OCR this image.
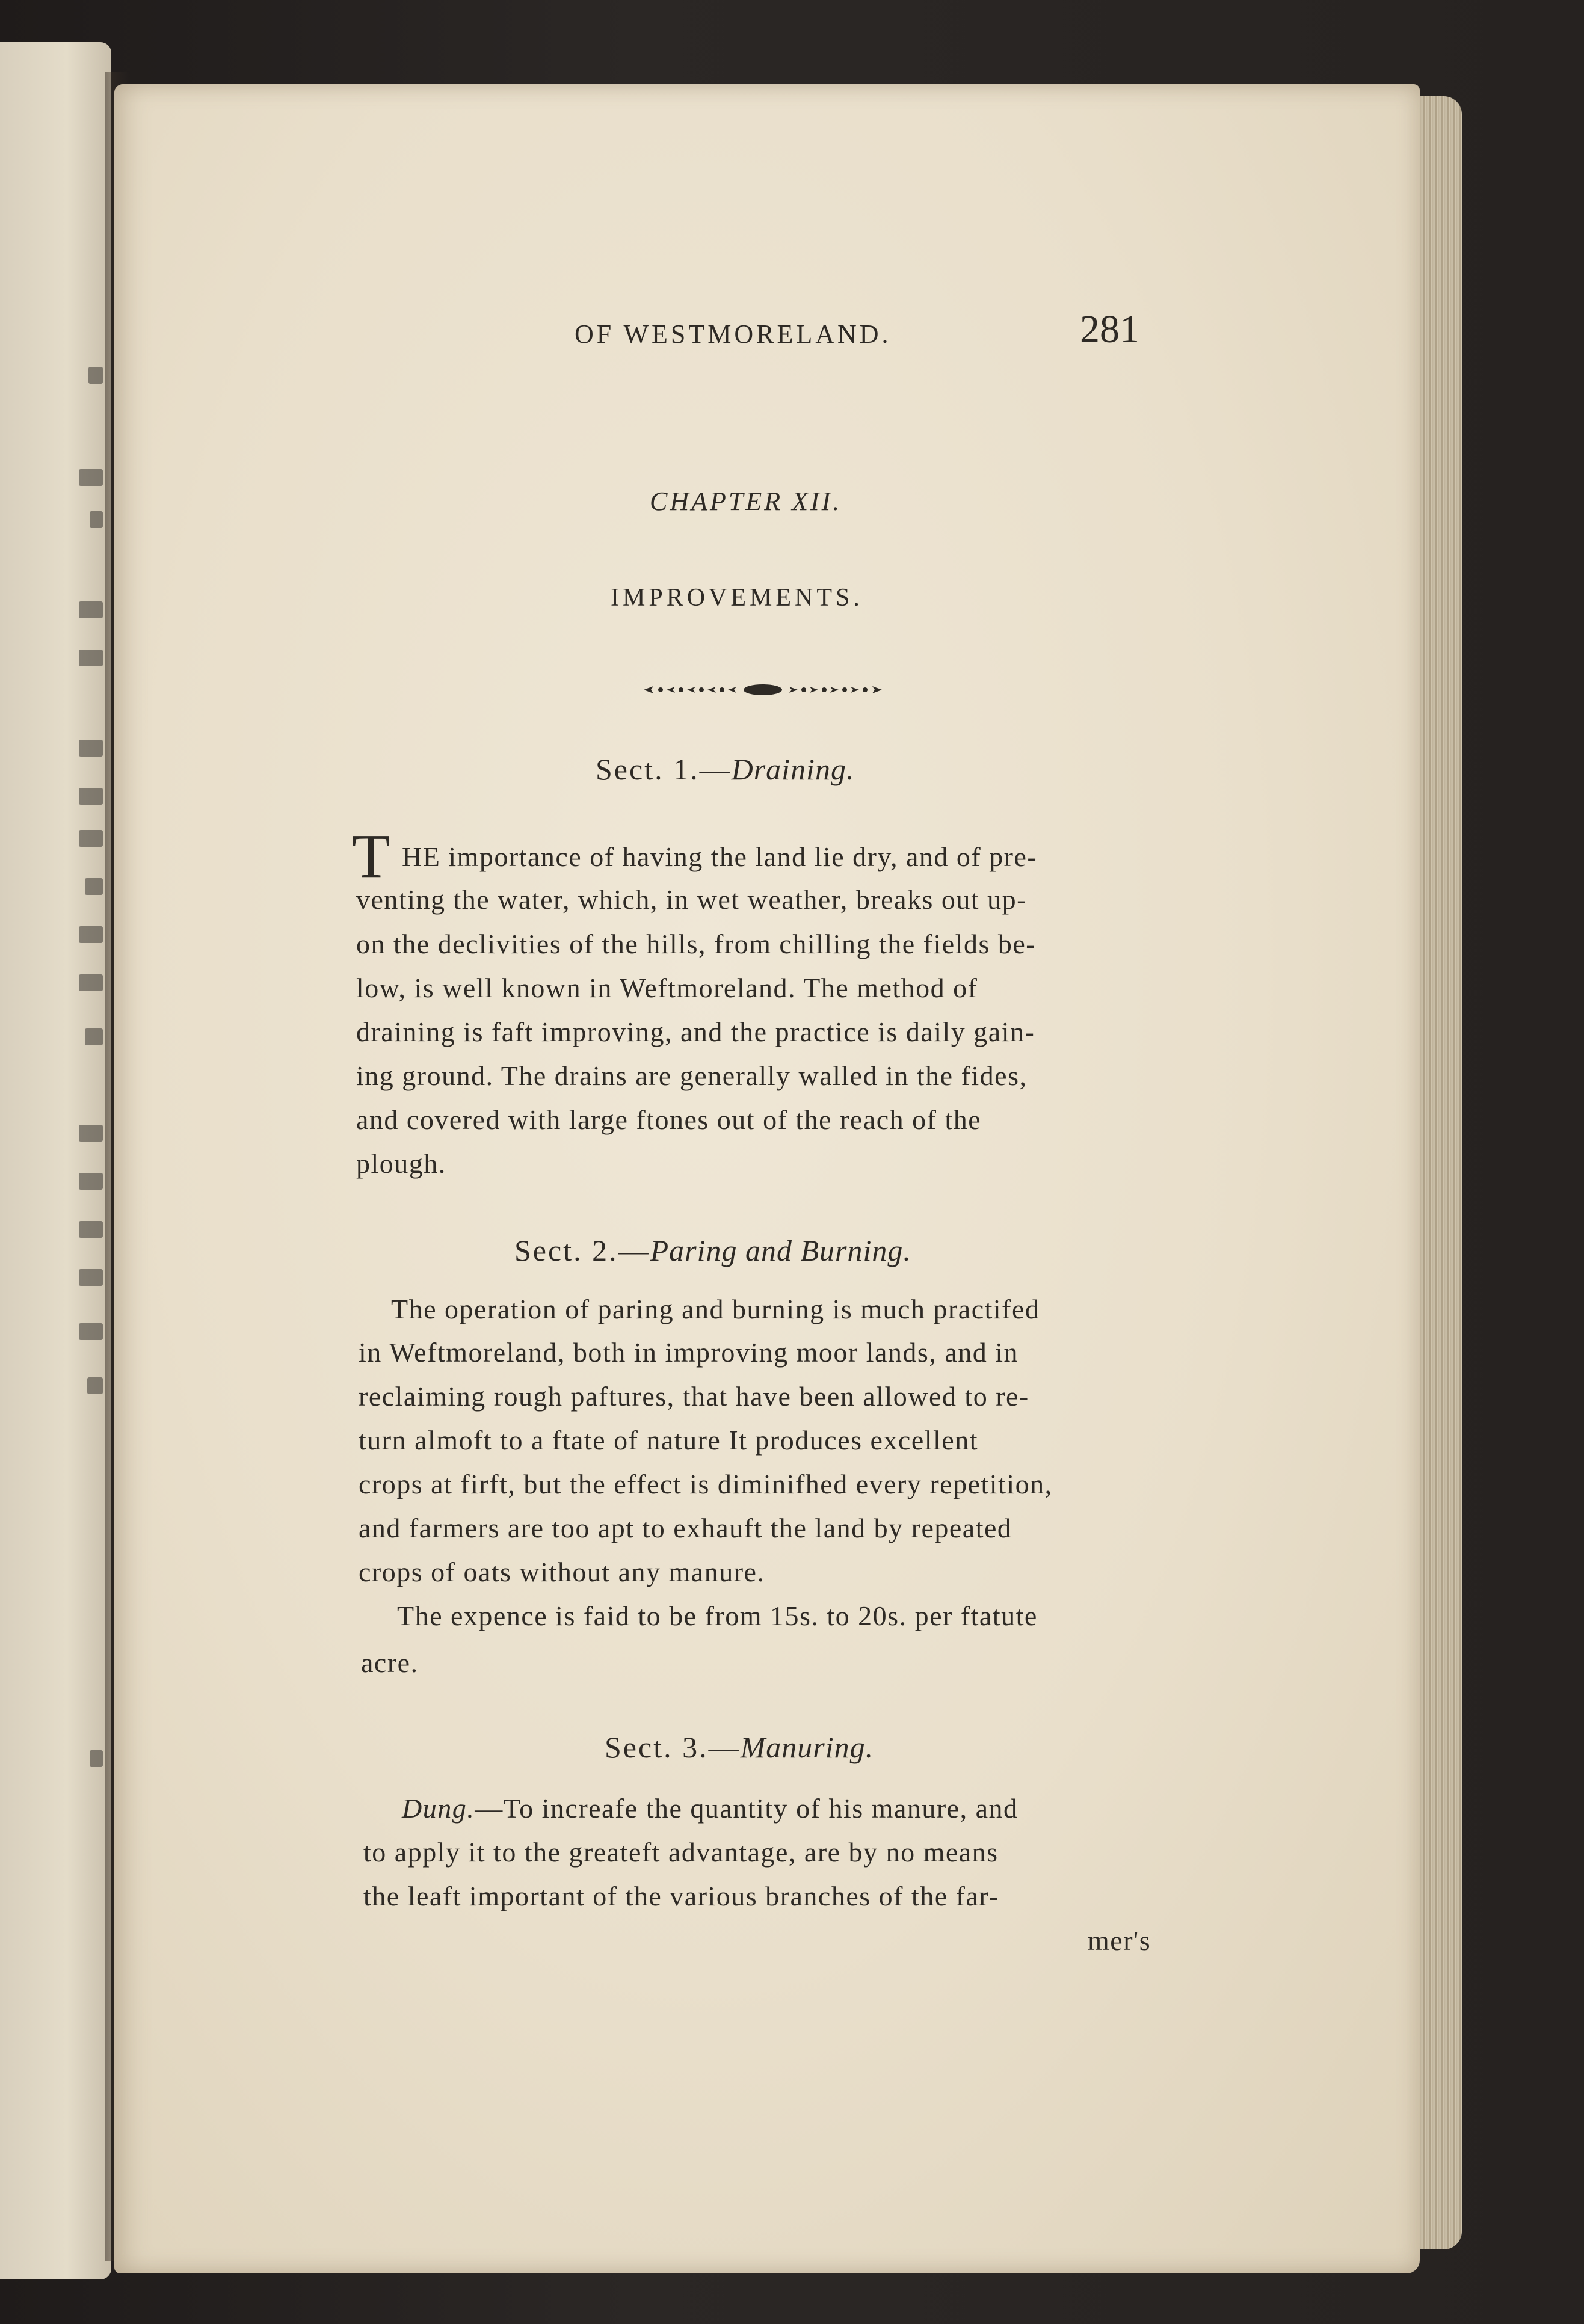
OF WESTMORELAND.	281
CHAPTER XII.
IMPROVEMENTS.
Sect. 1.—Draining.
T HE importance of having the land lie dry, and of pre-
venting the water, which, in wet weather, breaks out up-
on the declivities of the hills, from chilling the fields be-
low, is well known in Weftmoreland. The method of
draining is faft improving, and the practice is daily gain-
ing ground. The drains are generally walled in the fides,
and covered with large ftones out of the reach of the
plough.
Sect. 2.—Paring and Burning.
The operation of paring and burning is much practifed
in Weftmoreland, both in improving moor lands, and in
reclaiming rough paftures, that have been allowed to re-
turn almoft to a ftate of nature It produces excellent
crops at firft, but the effect is diminifhed every repetition,
and farmers are too apt to exhauft the land by repeated
crops of oats without any manure.
The expence is faid to be from 15s. to 20s. per ftatute
acre.
Sect. 3.—Manuring.
Dung.—To increafe the quantity of his manure, and
to apply it to the greateft advantage, are by no means
the leaft important of the various branches of the far-
mer's
